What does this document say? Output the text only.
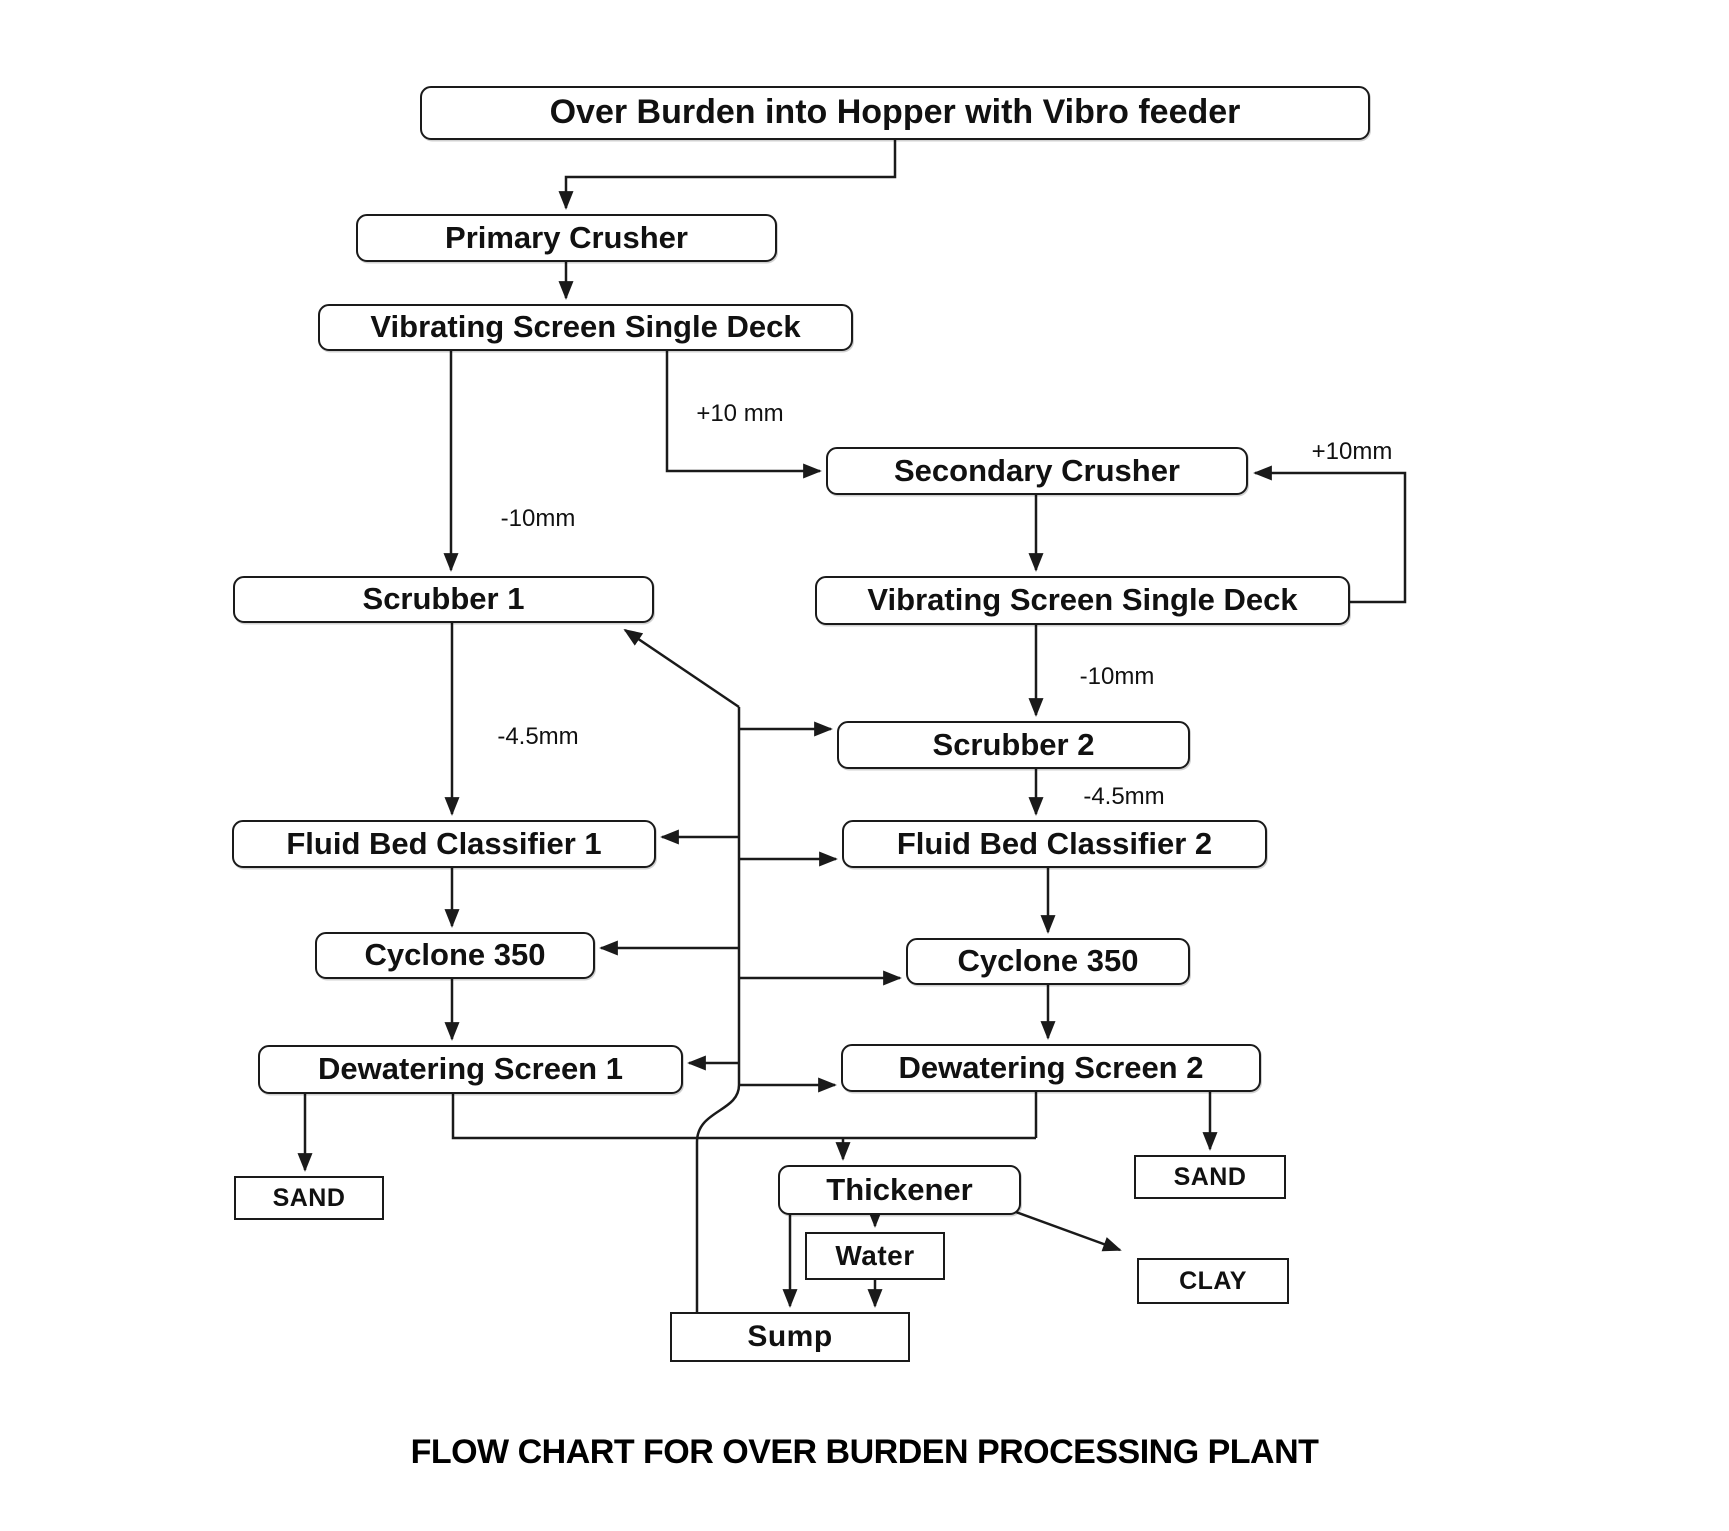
Over Burden into Hopper with Vibro feeder
Primary Crusher
Vibrating Screen Single Deck
Secondary Crusher
Scrubber 1	Vibrating Screen Single Deck
Scrubber 2
Fluid Bed Classifier 1	Fluid Bed Classifier 2
Cyclone 350	Cyclone 350
Dewatering Screen 1	Dewatering Screen 2
SAND	Thickener	SAND
Water
CLAY
Sump
+10 mm
+10mm
-10mm
-10mm
-4.5mm
-4.5mm
FLOW CHART FOR OVER BURDEN PROCESSING PLANT
